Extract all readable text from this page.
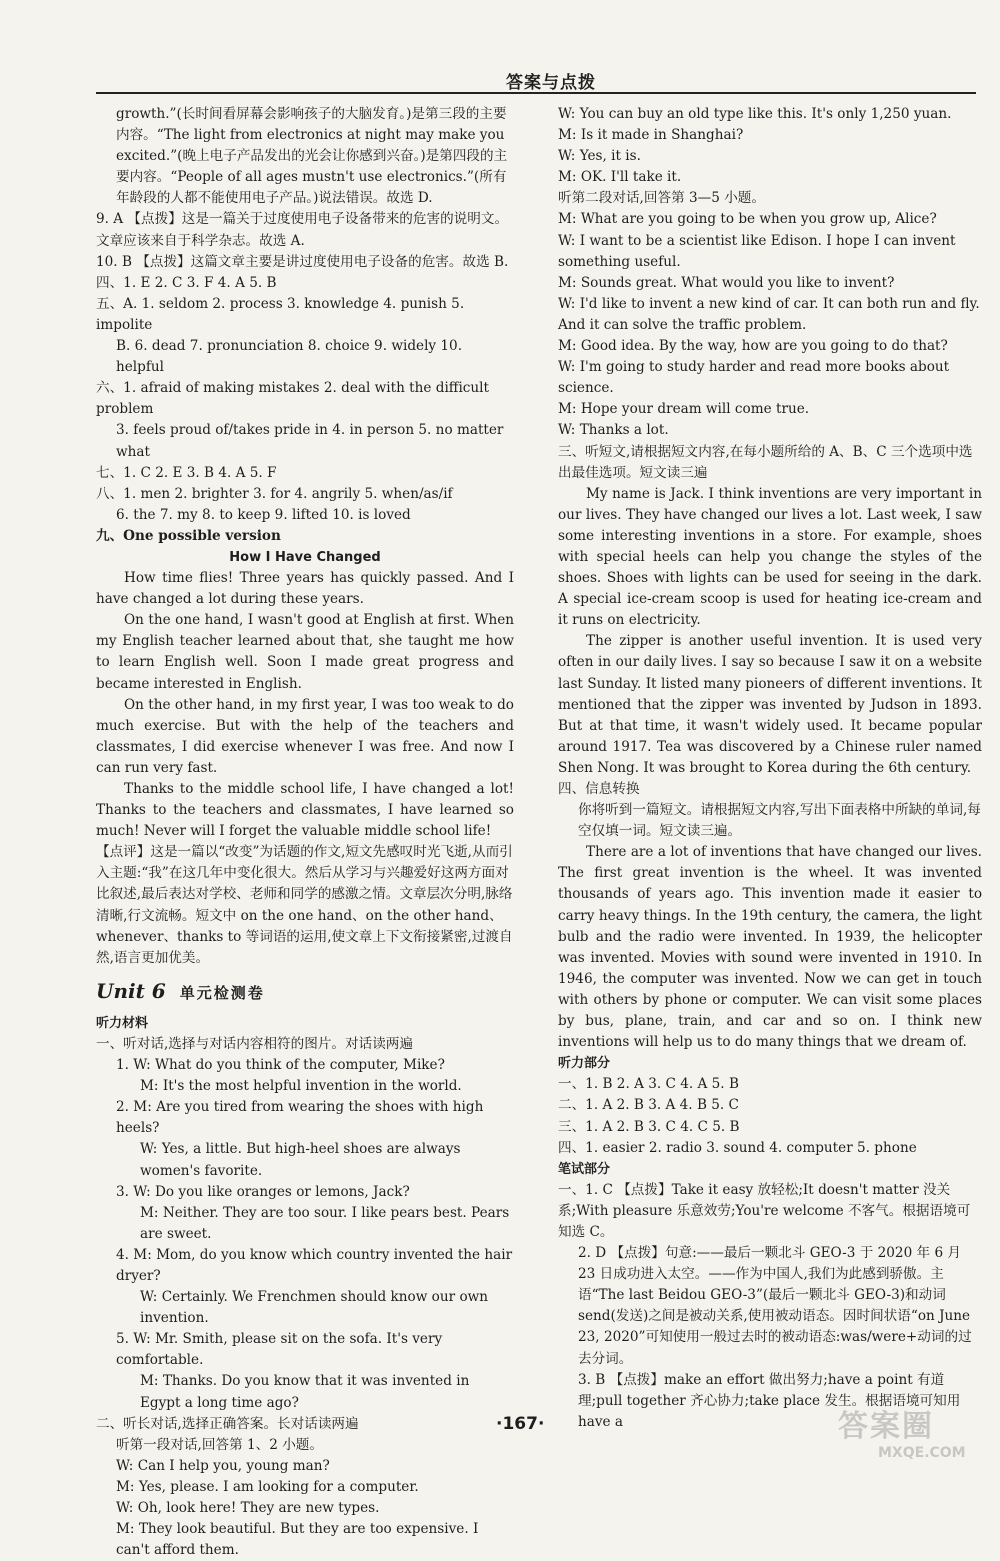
答案与点拨

growth.”(长时间看屏幕会影响孩子的大脑发育。)是第三段的主要内容。“The light from electronics at night may make you excited.”(晚上电子产品发出的光会让你感到兴奋。)是第四段的主要内容。“People of all ages mustn't use electronics.”(所有年龄段的人都不能使用电子产品。)说法错误。故选 D.

9. A 【点拨】这是一篇关于过度使用电子设备带来的危害的说明文。文章应该来自于科学杂志。故选 A.

10. B 【点拨】这篇文章主要是讲过度使用电子设备的危害。故选 B.

四、1. E 2. C 3. F 4. A 5. B

五、A. 1. seldom 2. process 3. knowledge 4. punish 5. impolite

B. 6. dead 7. pronunciation 8. choice 9. widely 10. helpful

六、1. afraid of making mistakes 2. deal with the difficult problem

3. feels proud of/takes pride in 4. in person 5. no matter what

七、1. C 2. E 3. B 4. A 5. F

八、1. men 2. brighter 3. for 4. angrily 5. when/as/if

6. the 7. my 8. to keep 9. lifted 10. is loved

九、One possible version

How I Have Changed

How time flies! Three years has quickly passed. And I have changed a lot during these years.

On the one hand, I wasn't good at English at first. When my English teacher learned about that, she taught me how to learn English well. Soon I made great progress and became interested in English.

On the other hand, in my first year, I was too weak to do much exercise. But with the help of the teachers and classmates, I did exercise whenever I was free. And now I can run very fast.

Thanks to the middle school life, I have changed a lot! Thanks to the teachers and classmates, I have learned so much! Never will I forget the valuable middle school life!

【点评】这是一篇以“改变”为话题的作文,短文先感叹时光飞逝,从而引入主题:“我”在这几年中变化很大。然后从学习与兴趣爱好这两方面对比叙述,最后表达对学校、老师和同学的感激之情。文章层次分明,脉络清晰,行文流畅。短文中 on the one hand、on the other hand、whenever、thanks to 等词语的运用,使文章上下文衔接紧密,过渡自然,语言更加优美。

Unit 6 单元检测卷

听力材料

一、听对话,选择与对话内容相符的图片。对话读两遍

1. W: What do you think of the computer, Mike?

M: It's the most helpful invention in the world.

2. M: Are you tired from wearing the shoes with high heels?

W: Yes, a little. But high-heel shoes are always women's favorite.

3. W: Do you like oranges or lemons, Jack?

M: Neither. They are too sour. I like pears best. Pears are sweet.

4. M: Mom, do you know which country invented the hair dryer?

W: Certainly. We Frenchmen should know our own invention.

5. W: Mr. Smith, please sit on the sofa. It's very comfortable.

M: Thanks. Do you know that it was invented in Egypt a long time ago?

二、听长对话,选择正确答案。长对话读两遍

听第一段对话,回答第 1、2 小题。

W: Can I help you, young man?

M: Yes, please. I am looking for a computer.

W: Oh, look here! They are new types.

M: They look beautiful. But they are too expensive. I can't afford them.

W: You can buy an old type like this. It's only 1,250 yuan.

M: Is it made in Shanghai?

W: Yes, it is.

M: OK. I'll take it.

听第二段对话,回答第 3—5 小题。

M: What are you going to be when you grow up, Alice?

W: I want to be a scientist like Edison. I hope I can invent something useful.

M: Sounds great. What would you like to invent?

W: I'd like to invent a new kind of car. It can both run and fly. And it can solve the traffic problem.

M: Good idea. By the way, how are you going to do that?

W: I'm going to study harder and read more books about science.

M: Hope your dream will come true.

W: Thanks a lot.

三、听短文,请根据短文内容,在每小题所给的 A、B、C 三个选项中选出最佳选项。短文读三遍

My name is Jack. I think inventions are very important in our lives. They have changed our lives a lot. Last week, I saw some interesting inventions in a store. For example, shoes with special heels can help you change the styles of the shoes. Shoes with lights can be used for seeing in the dark. A special ice-cream scoop is used for heating ice-cream and it runs on electricity.

The zipper is another useful invention. It is used very often in our daily lives. I say so because I saw it on a website last Sunday. It listed many pioneers of different inventions. It mentioned that the zipper was invented by Judson in 1893. But at that time, it wasn't widely used. It became popular around 1917. Tea was discovered by a Chinese ruler named Shen Nong. It was brought to Korea during the 6th century.

四、信息转换

你将听到一篇短文。请根据短文内容,写出下面表格中所缺的单词,每空仅填一词。短文读三遍。

There are a lot of inventions that have changed our lives. The first great invention is the wheel. It was invented thousands of years ago. This invention made it easier to carry heavy things. In the 19th century, the camera, the light bulb and the radio were invented. In 1939, the helicopter was invented. Movies with sound were invented in 1910. In 1946, the computer was invented. Now we can get in touch with others by phone or computer. We can visit some places by bus, plane, train, and car and so on. I think new inventions will help us to do many things that we dream of.

听力部分

一、1. B 2. A 3. C 4. A 5. B

二、1. A 2. B 3. A 4. B 5. C

三、1. A 2. B 3. C 4. C 5. B

四、1. easier 2. radio 3. sound 4. computer 5. phone

笔试部分

一、1. C 【点拨】Take it easy 放轻松;It doesn't matter 没关系;With pleasure 乐意效劳;You're welcome 不客气。根据语境可知选 C。

2. D 【点拨】句意:——最后一颗北斗 GEO-3 于 2020 年 6 月 23 日成功进入太空。——作为中国人,我们为此感到骄傲。主语“The last Beidou GEO-3”(最后一颗北斗 GEO-3)和动词 send(发送)之间是被动关系,使用被动语态。因时间状语“on June 23, 2020”可知使用一般过去时的被动语态:was/were+动词的过去分词。

3. B 【点拨】make an effort 做出努力;have a point 有道理;pull together 齐心协力;take place 发生。根据语境可知用 have a

·167·	答案圈
MXQE.COM
